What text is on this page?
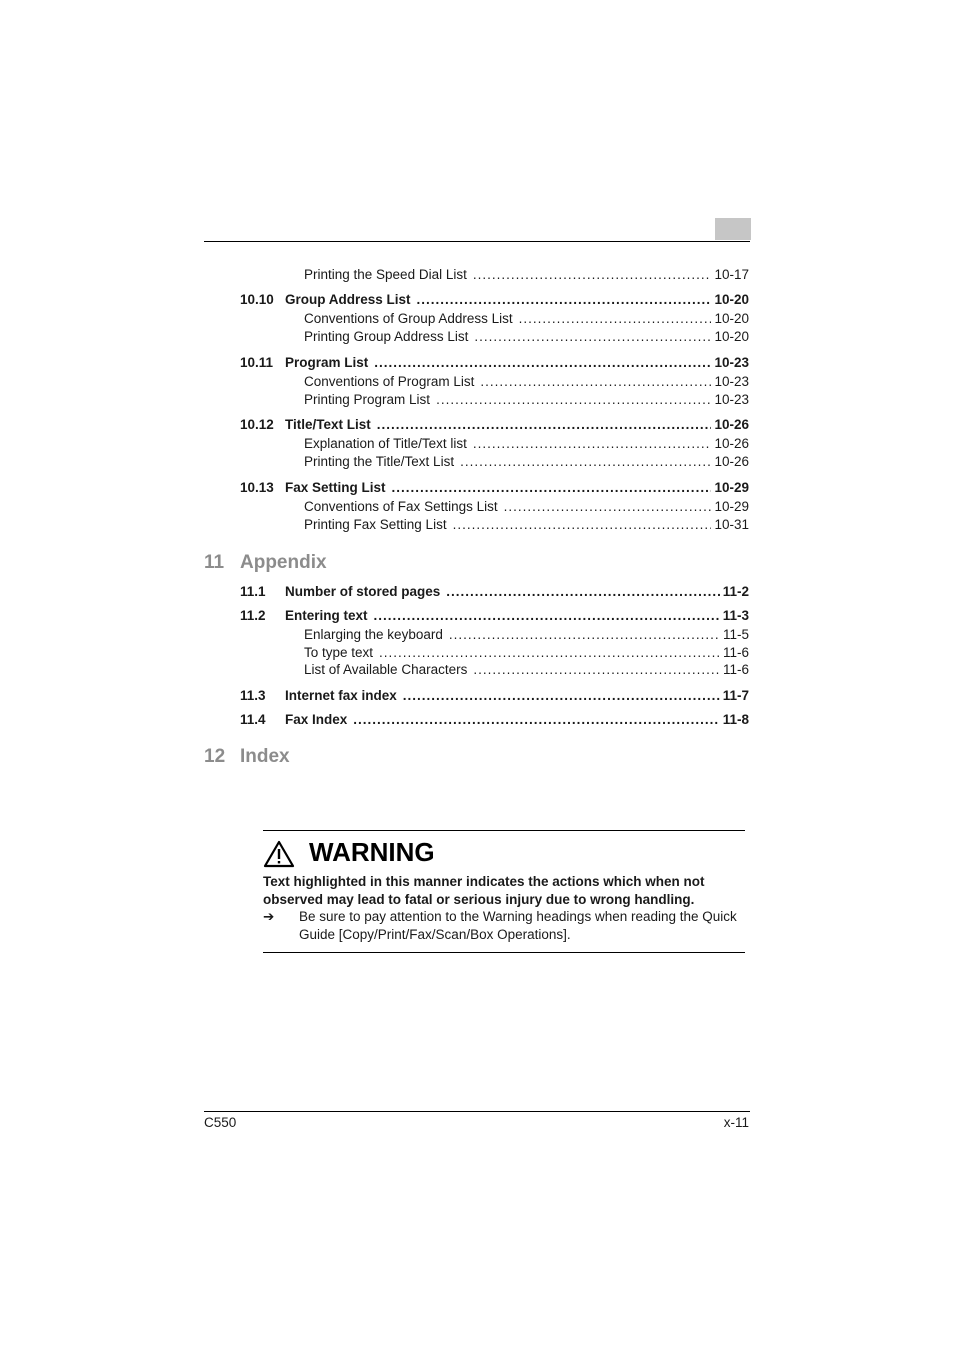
Printing the Speed Dial List .....	10-17
10.10 Group Address List .....	10-20
Conventions of Group Address List .....	10-20
Printing Group Address List .....	10-20
10.11 Program List .....	10-23
Conventions of Program List .....	10-23
Printing Program List .....	10-23
10.12 Title/Text List .....	10-26
Explanation of Title/Text list .....	10-26
Printing the Title/Text List .....	10-26
10.13 Fax Setting List .....	10-29
Conventions of Fax Settings List .....	10-29
Printing Fax Setting List .....	10-31
11 Appendix
11.1 Number of stored pages .....	11-2
11.2 Entering text .....	11-3
Enlarging the keyboard .....	11-5
To type text .....	11-6
List of Available Characters .....	11-6
11.3 Internet fax index .....	11-7
11.4 Fax Index .....	11-8
12 Index
WARNING
Text highlighted in this manner indicates the actions which when not observed may lead to fatal or serious injury due to wrong handling.
➔ Be sure to pay attention to the Warning headings when reading the Quick Guide [Copy/Print/Fax/Scan/Box Operations].
C550	x-11
